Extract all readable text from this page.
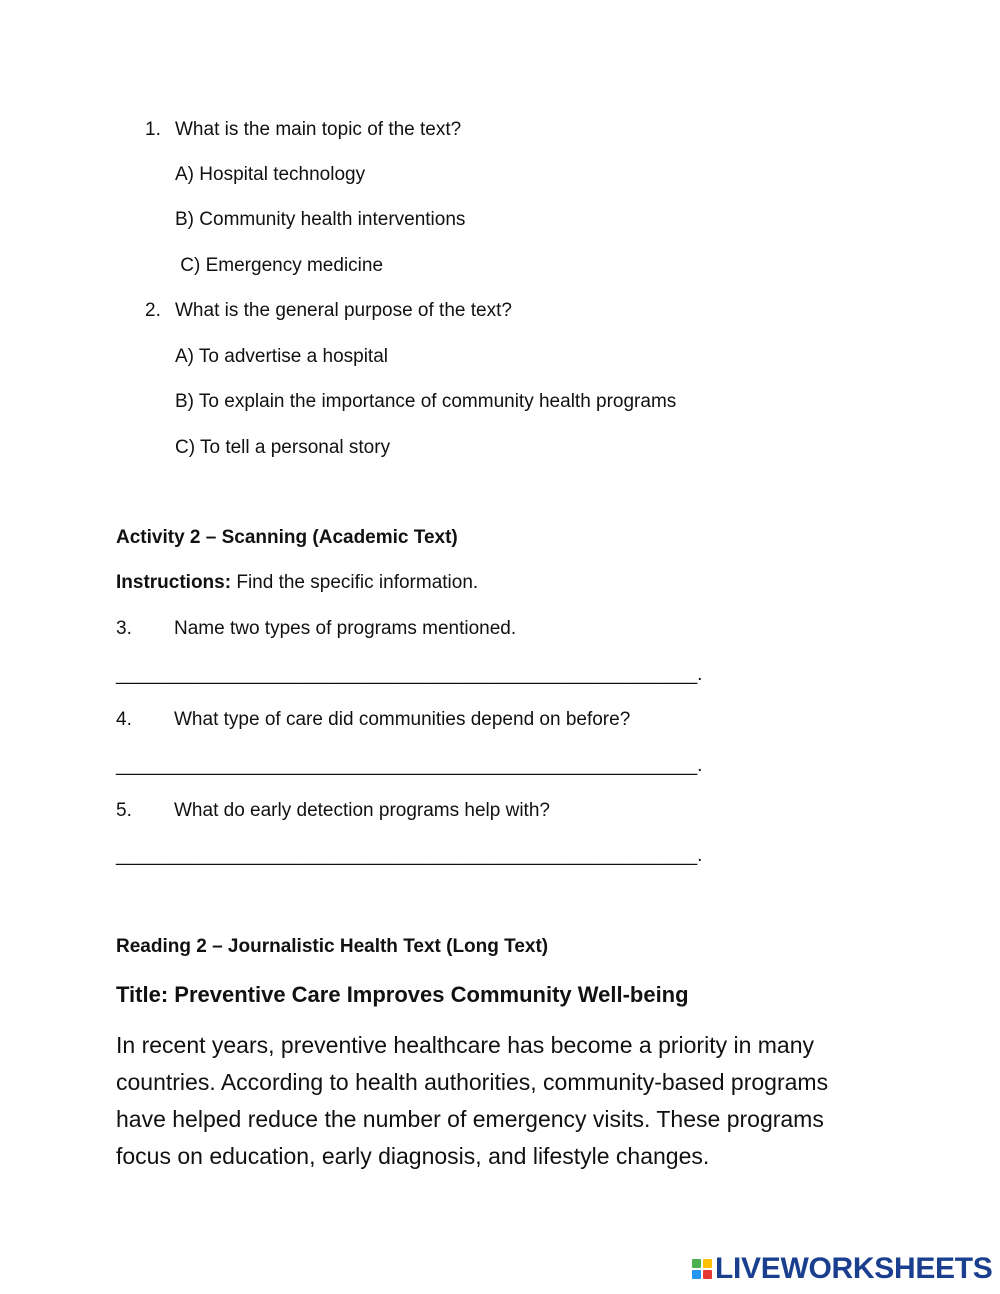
1. What is the main topic of the text?
A) Hospital technology
B) Community health interventions
C) Emergency medicine
2. What is the general purpose of the text?
A) To advertise a hospital
B) To explain the importance of community health programs
C) To tell a personal story
Activity 2 – Scanning (Academic Text)
Instructions: Find the specific information.
3. Name two types of programs mentioned.
_______________________________________________________.
4. What type of care did communities depend on before?
_______________________________________________________.
5. What do early detection programs help with?
_______________________________________________________.
Reading 2 – Journalistic Health Text (Long Text)
Title: Preventive Care Improves Community Well-being
In recent years, preventive healthcare has become a priority in many countries. According to health authorities, community-based programs have helped reduce the number of emergency visits. These programs focus on education, early diagnosis, and lifestyle changes.
LIVEWORKSHEETS
